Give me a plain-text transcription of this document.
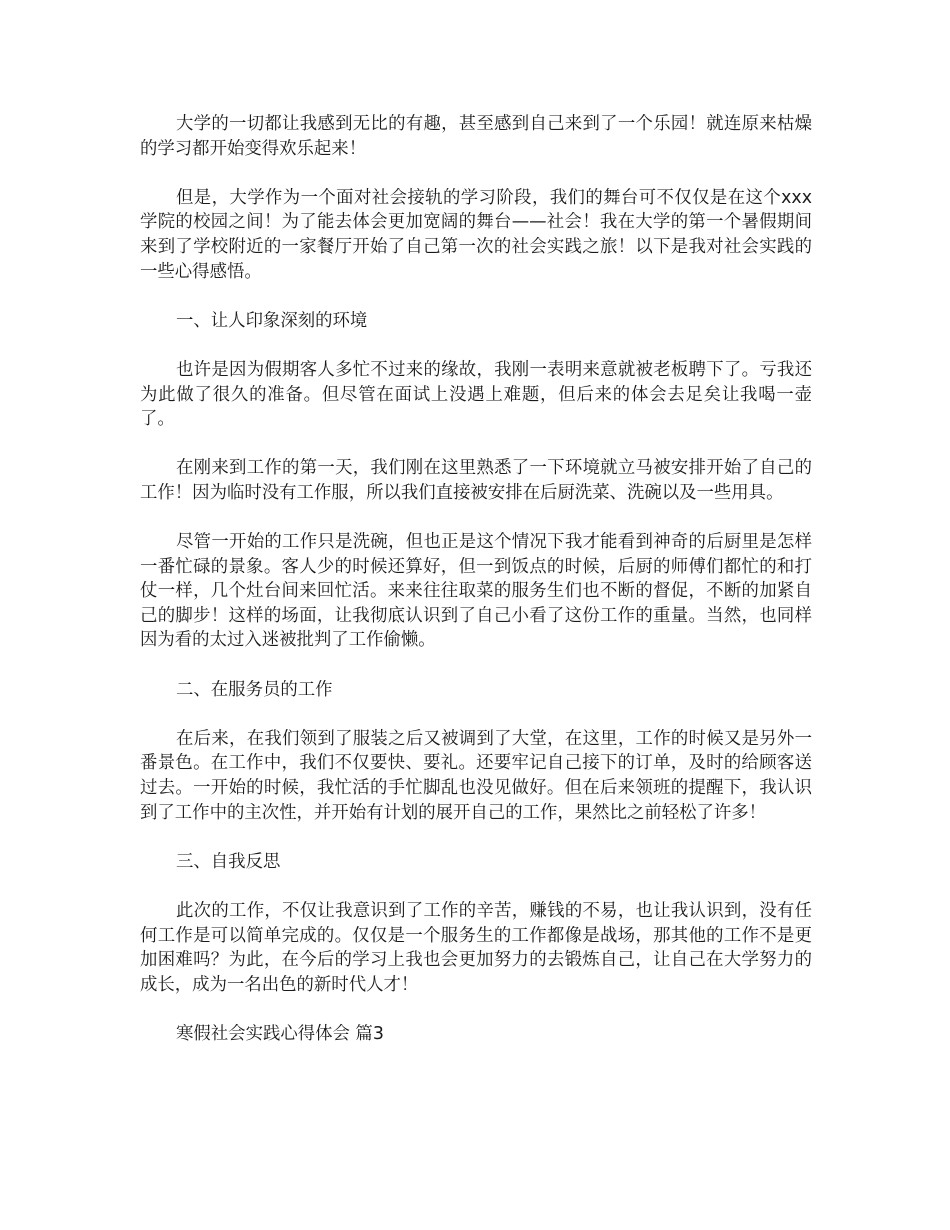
大学的一切都让我感到无比的有趣，甚至感到自己来到了一个乐园！就连原来枯燥的学习都开始变得欢乐起来！

但是，大学作为一个面对社会接轨的学习阶段，我们的舞台可不仅仅是在这个xxx学院的校园之间！为了能去体会更加宽阔的舞台——社会！我在大学的第一个暑假期间来到了学校附近的一家餐厅开始了自己第一次的社会实践之旅！以下是我对社会实践的一些心得感悟。

一、让人印象深刻的环境

也许是因为假期客人多忙不过来的缘故，我刚一表明来意就被老板聘下了。亏我还为此做了很久的准备。但尽管在面试上没遇上难题，但后来的体会去足矣让我喝一壶了。

在刚来到工作的第一天，我们刚在这里熟悉了一下环境就立马被安排开始了自己的工作！因为临时没有工作服，所以我们直接被安排在后厨洗菜、洗碗以及一些用具。

尽管一开始的工作只是洗碗，但也正是这个情况下我才能看到神奇的后厨里是怎样一番忙碌的景象。客人少的时候还算好，但一到饭点的时候，后厨的师傅们都忙的和打仗一样，几个灶台间来回忙活。来来往往取菜的服务生们也不断的督促，不断的加紧自己的脚步！这样的场面，让我彻底认识到了自己小看了这份工作的重量。当然，也同样因为看的太过入迷被批判了工作偷懒。

二、在服务员的工作

在后来，在我们领到了服装之后又被调到了大堂，在这里，工作的时候又是另外一番景色。在工作中，我们不仅要快、要礼。还要牢记自己接下的订单，及时的给顾客送过去。一开始的时候，我忙活的手忙脚乱也没见做好。但在后来领班的提醒下，我认识到了工作中的主次性，并开始有计划的展开自己的工作，果然比之前轻松了许多！

三、自我反思

此次的工作，不仅让我意识到了工作的辛苦，赚钱的不易，也让我认识到，没有任何工作是可以简单完成的。仅仅是一个服务生的工作都像是战场，那其他的工作不是更加困难吗？为此，在今后的学习上我也会更加努力的去锻炼自己，让自己在大学努力的成长，成为一名出色的新时代人才！

寒假社会实践心得体会 篇3
